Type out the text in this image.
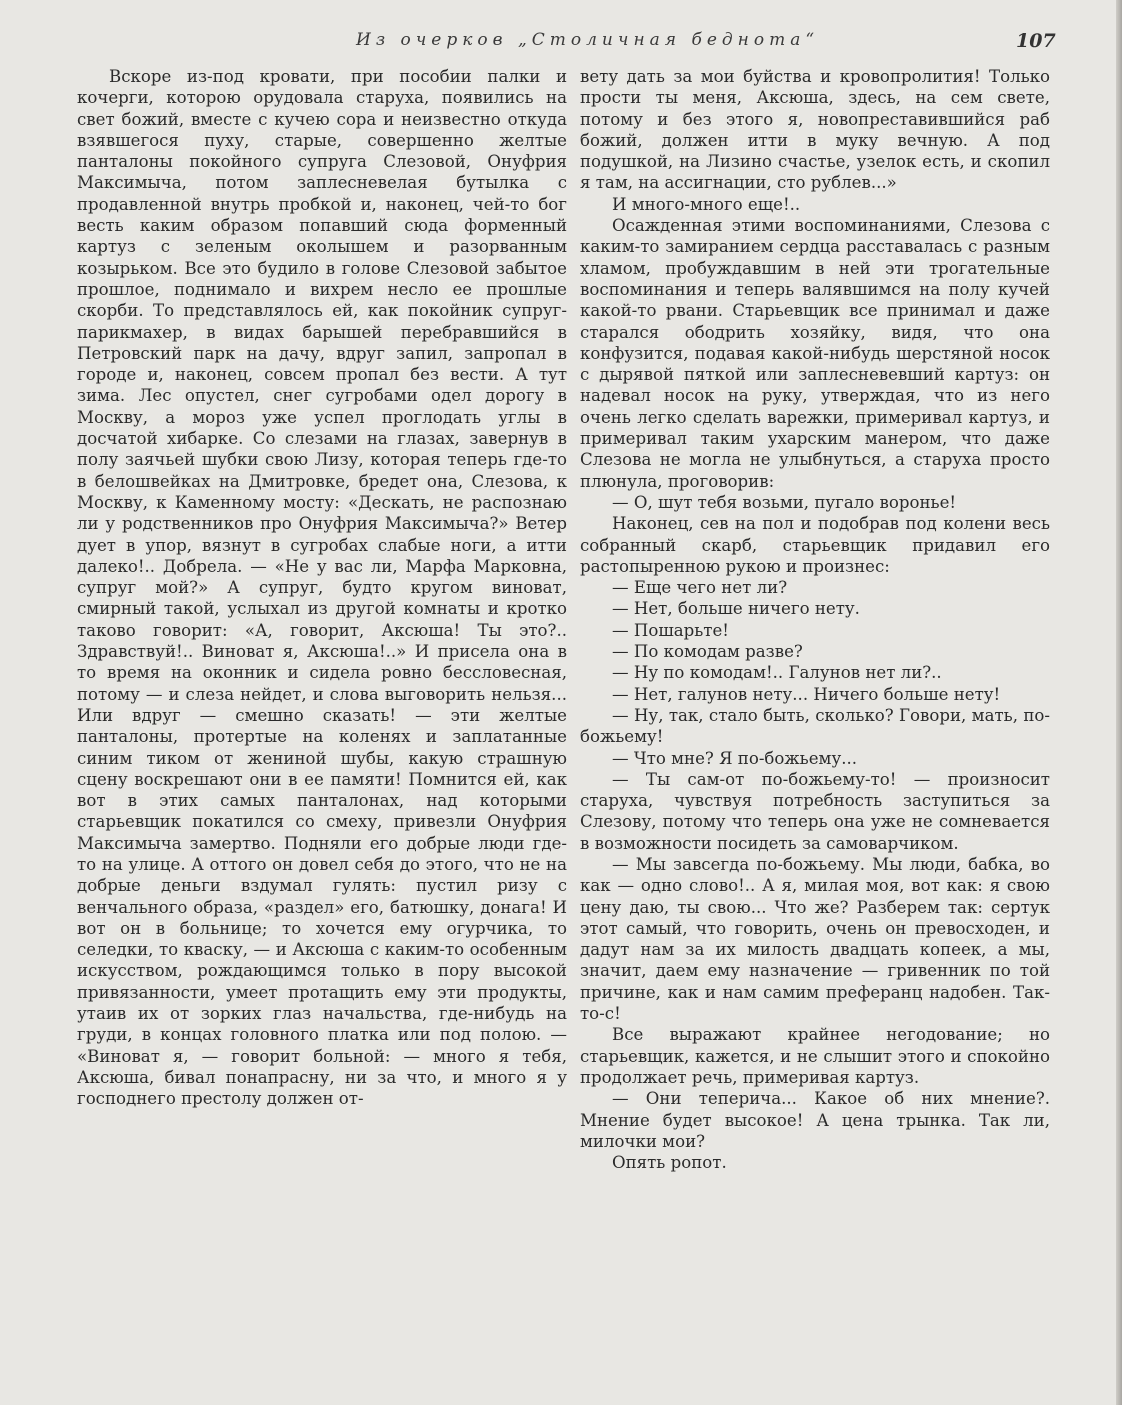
Из очерков „Столичная беднота“	107

Вскоре из-под кровати, при пособии палки и кочерги, которою орудовала старуха, появились на свет божий, вместе с кучею сора и неизвестно откуда взявшегося пуху, старые, совершенно желтые панталоны покойного супруга Слезовой, Онуфрия Максимыча, потом заплесневелая бутылка с продавленной внутрь пробкой и, наконец, чей-то бог весть каким образом попавший сюда форменный картуз с зеленым околышем и разорванным козырьком. Все это будило в голове Слезовой забытое прошлое, поднимало и вихрем несло ее прошлые скорби. То представлялось ей, как покойник супруг-парикмахер, в видах барышей перебравшийся в Петровский парк на дачу, вдруг запил, запропал в городе и, наконец, совсем пропал без вести. А тут зима. Лес опустел, снег сугробами одел дорогу в Москву, а мороз уже успел проглодать углы в досчатой хибарке. Со слезами на глазах, завернув в полу заячьей шубки свою Лизу, которая теперь где-то в белошвейках на Дмитровке, бредет она, Слезова, к Москву, к Каменному мосту: «Дескать, не распознаю ли у родственников про Онуфрия Максимыча?» Ветер дует в упор, вязнут в сугробах слабые ноги, а итти далеко!.. Добрела. — «Не у вас ли, Марфа Марковна, супруг мой?» А супруг, будто кругом виноват, смирный такой, услыхал из другой комнаты и кротко таково говорит: «А, говорит, Аксюша! Ты это?.. Здравствуй!.. Виноват я, Аксюша!..» И присела она в то время на оконник и сидела ровно бессловесная, потому — и слеза нейдет, и слова выговорить нельзя... Или вдруг — смешно сказать! — эти желтые панталоны, протертые на коленях и заплатанные синим тиком от жениной шубы, какую страшную сцену воскрешают они в ее памяти! Помнится ей, как вот в этих самых панталонах, над которыми старьевщик покатился со смеху, привезли Онуфрия Максимыча замертво. Подняли его добрые люди где-то на улице. А оттого он довел себя до этого, что не на добрые деньги вздумал гулять: пустил ризу с венчального образа, «раздел» его, батюшку, донага! И вот он в больнице; то хочется ему огурчика, то селедки, то кваску, — и Аксюша с каким-то особенным искусством, рождающимся только в пору высокой привязанности, умеет протащить ему эти продукты, утаив их от зорких глаз начальства, где-нибудь на груди, в концах головного платка или под полою. — «Виноват я, — говорит больной: — много я тебя, Аксюша, бивал понапрасну, ни за что, и много я у господнего престолу должен от-

вету дать за мои буйства и кровопролития! Только прости ты меня, Аксюша, здесь, на сем свете, потому и без этого я, новопреставившийся раб божий, должен итти в муку вечную. А под подушкой, на Лизино счастье, узелок есть, и скопил я там, на ассигнации, сто рублев...»

И много-много еще!..

Осажденная этими воспоминаниями, Слезова с каким-то замиранием сердца расставалась с разным хламом, пробуждавшим в ней эти трогательные воспоминания и теперь валявшимся на полу кучей какой-то рвани. Старьевщик все принимал и даже старался ободрить хозяйку, видя, что она конфузится, подавая какой-нибудь шерстяной носок с дырявой пяткой или заплесневевший картуз: он надевал носок на руку, утверждая, что из него очень легко сделать варежки, примеривал картуз, и примеривал таким ухарским манером, что даже Слезова не могла не улыбнуться, а старуха просто плюнула, проговорив:

— О, шут тебя возьми, пугало воронье!

Наконец, сев на пол и подобрав под колени весь собранный скарб, старьевщик придавил его растопыренною рукою и произнес:

— Еще чего нет ли?

— Нет, больше ничего нету.

— Пошарьте!

— По комодам разве?

— Ну по комодам!.. Галунов нет ли?..

— Нет, галунов нету... Ничего больше нету!

— Ну, так, стало быть, сколько? Говори, мать, по-божьему!

— Что мне? Я по-божьему...

— Ты сам-от по-божьему-то! — произносит старуха, чувствуя потребность заступиться за Слезову, потому что теперь она уже не сомневается в возможности посидеть за самоварчиком.

— Мы завсегда по-божьему. Мы люди, бабка, во как — одно слово!.. А я, милая моя, вот как: я свою цену даю, ты свою... Что же? Разберем так: сертук этот самый, что говорить, очень он превосходен, и дадут нам за их милость двадцать копеек, а мы, значит, даем ему назначение — гривенник по той причине, как и нам самим преферанц надобен. Так-то-с!

Все выражают крайнее негодование; но старьевщик, кажется, и не слышит этого и спокойно продолжает речь, примеривая картуз.

— Они теперича... Какое об них мнение?. Мнение будет высокое! А цена трынка. Так ли, милочки мои?

Опять ропот.
